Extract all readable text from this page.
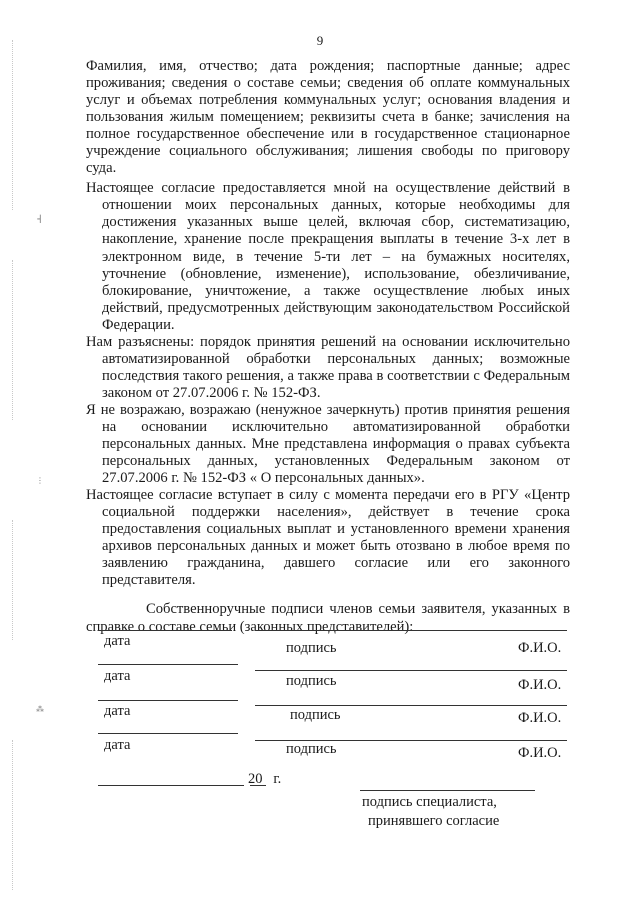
9

Фамилия, имя, отчество; дата рождения; паспортные данные; адрес проживания; сведения о составе семьи; сведения об оплате коммунальных услуг и объемах потребления коммунальных услуг; основания владения и пользования жилым помещением; реквизиты счета в банке; зачисления на полное государственное обеспечение или в государственное стационарное учреждение социального обслуживания; лишения свободы по приговору суда.

Настоящее согласие предоставляется мной на осуществление действий в отношении моих персональных данных, которые необходимы для достижения указанных выше целей, включая сбор, систематизацию, накопление, хранение после прекращения выплаты в течение 3-х лет в электронном виде, в течение 5-ти лет – на бумажных носителях, уточнение (обновление, изменение), использование, обезличивание, блокирование, уничтожение, а также осуществление любых иных действий, предусмотренных действующим законодательством Российской Федерации.

Нам разъяснены: порядок принятия решений на основании исключительно автоматизированной обработки персональных данных; возможные последствия такого решения, а также права в соответствии с Федеральным законом от 27.07.2006 г. № 152-ФЗ.

Я не возражаю, возражаю (ненужное зачеркнуть) против принятия решения на основании исключительно автоматизированной обработки персональных данных. Мне представлена информация о правах субъекта персональных данных, установленных Федеральным законом от 27.07.2006 г. № 152-ФЗ « О персональных данных».

Настоящее согласие вступает в силу с момента передачи его в РГУ «Центр социальной поддержки населения», действует в течение срока предоставления социальных выплат и установленного времени хранения архивов персональных данных и может быть отозвано в любое время по заявлению гражданина, давшего согласие или его законного представителя.

Собственноручные подписи членов семьи заявителя, указанных в справке о составе семьи (законных представителей):

дата	подпись	Ф.И.О.
дата	подпись	Ф.И.О.
дата	подпись	Ф.И.О.
дата	подпись	Ф.И.О.
20   г.
подпись специалиста,
принявшего согласие
˧
⋮
⁂
